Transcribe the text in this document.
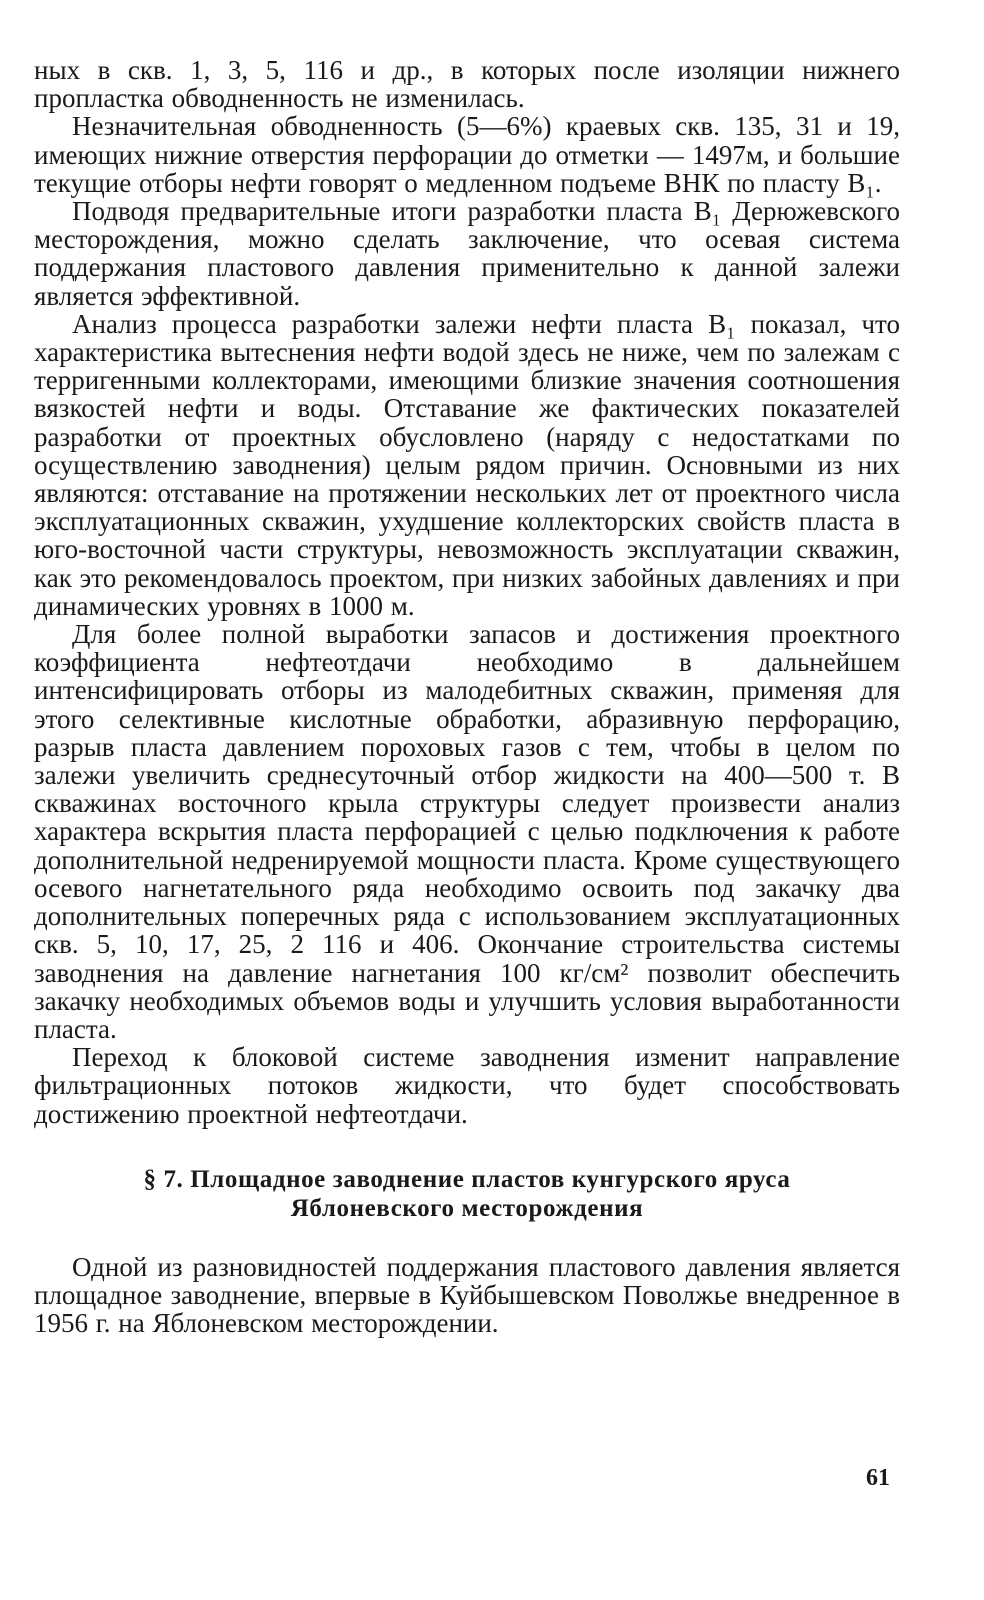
ных в скв. 1, 3, 5, 116 и др., в которых после изоляции нижнего пропластка обводненность не изменилась.

Незначительная обводненность (5—6%) краевых скв. 135, 31 и 19, имеющих нижние отверстия перфорации до отметки — 1497м, и большие текущие отборы нефти говорят о медленном подъеме ВНК по пласту В₁.

Подводя предварительные итоги разработки пласта В₁ Дерюжевского месторождения, можно сделать заключение, что осевая система поддержания пластового давления применительно к данной залежи является эффективной.

Анализ процесса разработки залежи нефти пласта В₁ показал, что характеристика вытеснения нефти водой здесь не ниже, чем по залежам с терригенными коллекторами, имеющими близкие значения соотношения вязкостей нефти и воды. Отставание же фактических показателей разработки от проектных обусловлено (наряду с недостатками по осуществлению заводнения) целым рядом причин. Основными из них являются: отставание на протяжении нескольких лет от проектного числа эксплуатационных скважин, ухудшение коллекторских свойств пласта в юго-восточной части структуры, невозможность эксплуатации скважин, как это рекомендовалось проектом, при низких забойных давлениях и при динамических уровнях в 1000 м.

Для более полной выработки запасов и достижения проектного коэффициента нефтеотдачи необходимо в дальнейшем интенсифицировать отборы из малодебитных скважин, применяя для этого селективные кислотные обработки, абразивную перфорацию, разрыв пласта давлением пороховых газов с тем, чтобы в целом по залежи увеличить среднесуточный отбор жидкости на 400—500 т. В скважинах восточного крыла структуры следует произвести анализ характера вскрытия пласта перфорацией с целью подключения к работе дополнительной недренируемой мощности пласта. Кроме существующего осевого нагнетательного ряда необходимо освоить под закачку два дополнительных поперечных ряда с использованием эксплуатационных скв. 5, 10, 17, 25, 2 116 и 406. Окончание строительства системы заводнения на давление нагнетания 100 кг/см² позволит обеспечить закачку необходимых объемов воды и улучшить условия выработанности пласта.

Переход к блоковой системе заводнения изменит направление фильтрационных потоков жидкости, что будет способствовать достижению проектной нефтеотдачи.

§ 7. Площадное заводнение пластов кунгурского яруса
Яблоневского месторождения

Одной из разновидностей поддержания пластового давления является площадное заводнение, впервые в Куйбышевском Поволжье внедренное в 1956 г. на Яблоневском месторождении.

61
